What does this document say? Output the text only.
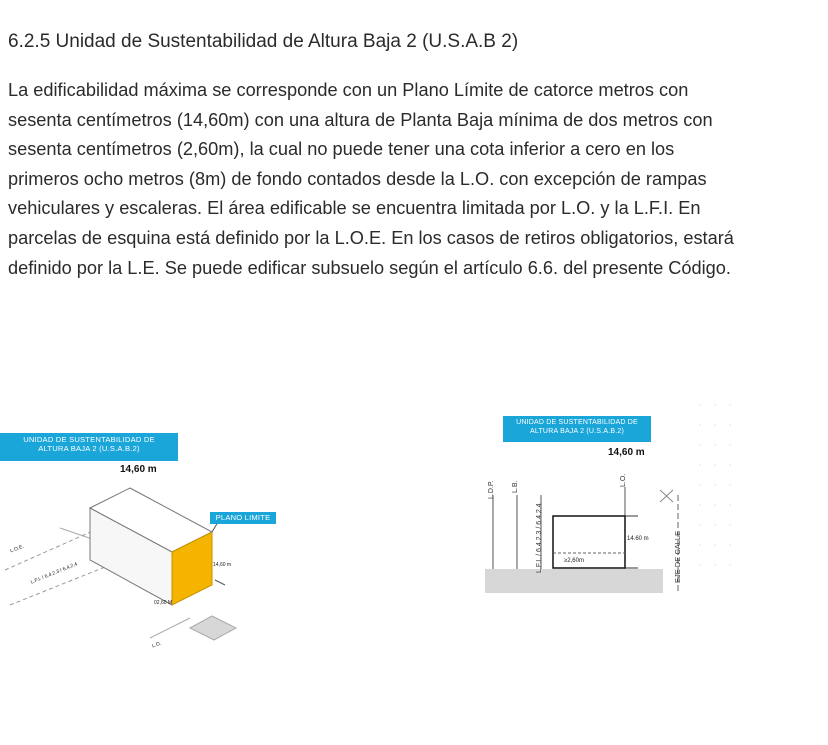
6.2.5 Unidad de Sustentabilidad de Altura Baja 2 (U.S.A.B 2)
La edificabilidad máxima se corresponde con un Plano Límite de catorce metros con
sesenta centímetros (14,60m) con una altura de Planta Baja mínima de dos metros con
sesenta centímetros (2,60m), la cual no puede tener una cota inferior a cero en los
primeros ocho metros (8m) de fondo contados desde la L.O. con excepción de rampas
vehiculares y escaleras. El área edificable se encuentra limitada por L.O. y la L.F.I. En
parcelas de esquina está definido por la L.O.E. En los casos de retiros obligatorios, estará
definido por la L.E. Se puede edificar subsuelo según el artículo 6.6. del presente Código.
UNIDAD DE SUSTENTABILIDAD DE
ALTURA BAJA 2 (U.S.A.B.2)
14,60 m
PLANO LIMITE
14,60 m
02,60 M
L.O.E.
L.F.I. / 6.4.2.3 / 6.4.2.4
L.O.
UNIDAD DE SUSTENTABILIDAD DE
ALTURA BAJA 2 (U.S.A.B.2)
14,60 m
L.D.P. L.B.
L.F.I. / 6.4.2.3 / 6.4.2.4
L.O.
14.60 m
≥2,60m	EJE DE CALLE
